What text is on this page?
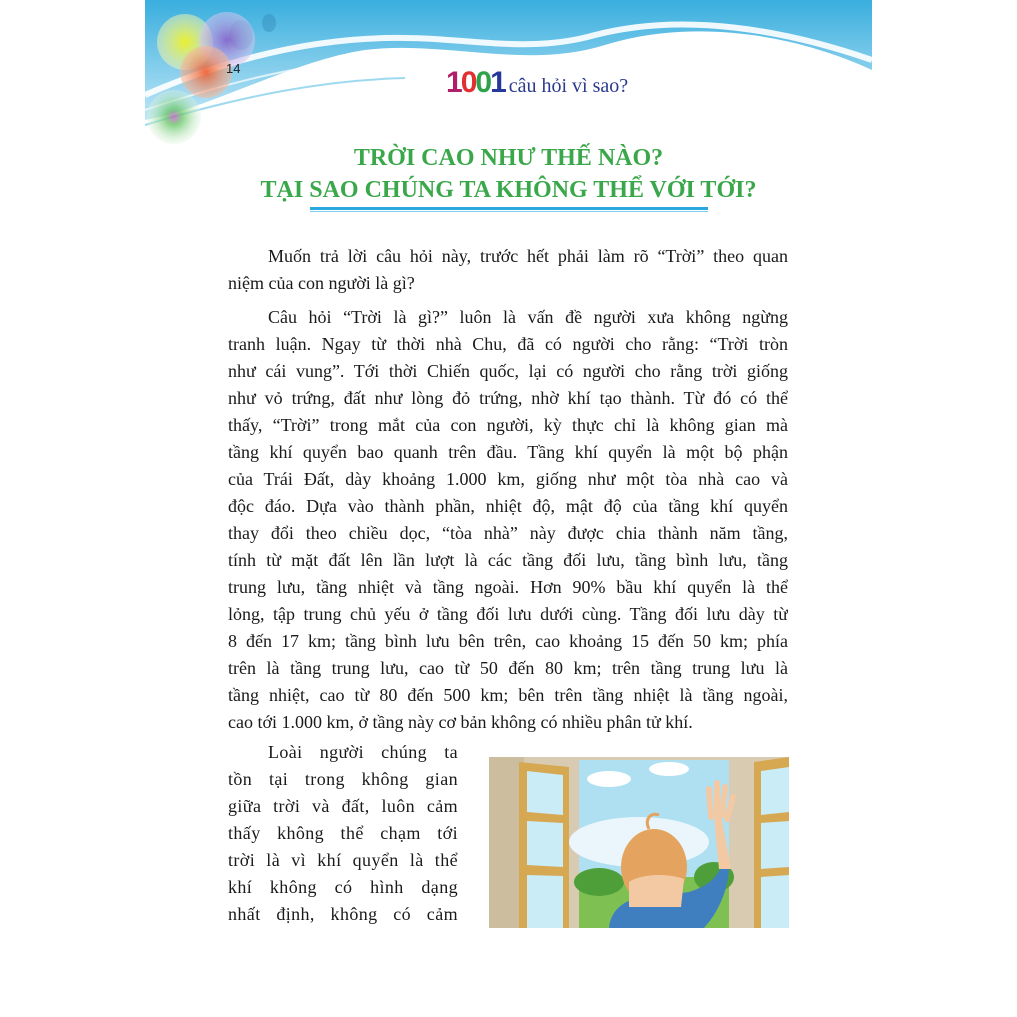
14	1001 câu hỏi vì sao?
TRỜI CAO NHƯ THẾ NÀO?
TẠI SAO CHÚNG TA KHÔNG THỂ VỚI TỚI?
Muốn trả lời câu hỏi này, trước hết phải làm rõ “Trời” theo quan
niệm của con người là gì?
Câu hỏi “Trời là gì?” luôn là vấn đề người xưa không ngừng
tranh luận. Ngay từ thời nhà Chu, đã có người cho rằng: “Trời tròn
như cái vung”. Tới thời Chiến quốc, lại có người cho rằng trời giống
như vỏ trứng, đất như lòng đỏ trứng, nhờ khí tạo thành. Từ đó có thể
thấy, “Trời” trong mắt của con người, kỳ thực chỉ là không gian mà
tầng khí quyển bao quanh trên đầu. Tầng khí quyển là một bộ phận
của Trái Đất, dày khoảng 1.000 km, giống như một tòa nhà cao và
độc đáo. Dựa vào thành phần, nhiệt độ, mật độ của tầng khí quyển
thay đổi theo chiều dọc, “tòa nhà” này được chia thành năm tầng,
tính từ mặt đất lên lần lượt là các tầng đối lưu, tầng bình lưu, tầng
trung lưu, tầng nhiệt và tầng ngoài. Hơn 90% bầu khí quyển là thể
lỏng, tập trung chủ yếu ở tầng đối lưu dưới cùng. Tầng đối lưu dày từ
8 đến 17 km; tầng bình lưu bên trên, cao khoảng 15 đến 50 km; phía
trên là tầng trung lưu, cao từ 50 đến 80 km; trên tầng trung lưu là
tầng nhiệt, cao từ 80 đến 500 km; bên trên tầng nhiệt là tầng ngoài,
cao tới 1.000 km, ở tầng này cơ bản không có nhiều phân tử khí.
Loài người chúng ta
tồn tại trong không gian
giữa trời và đất, luôn cảm
thấy không thể chạm tới
trời là vì khí quyển là thể
khí không có hình dạng
nhất định, không có cảm
